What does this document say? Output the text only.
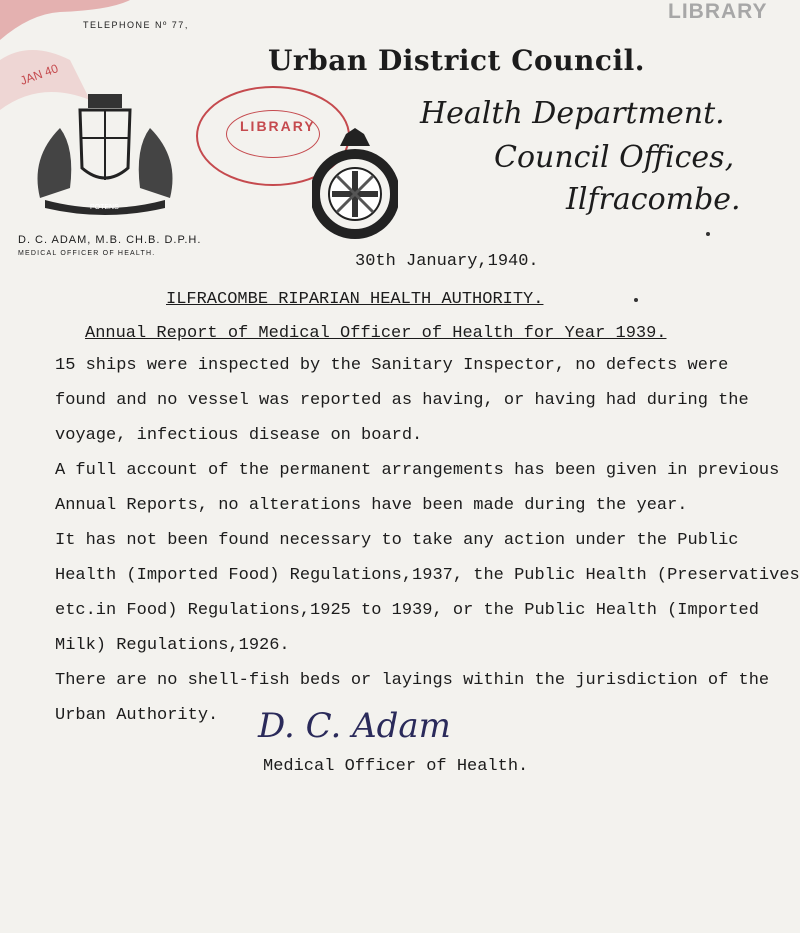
JAN 40
TELEPHONE Nº 77,
LIBRARY
Urban District Council.
POTENS
LIBRARY	Health Department.
Council Offices,
Ilfracombe.
D. C. ADAM, M.B. CH.B. D.P.H.
MEDICAL OFFICER OF HEALTH.	30th January,1940.
ILFRACOMBE RIPARIAN HEALTH AUTHORITY.
Annual Report of Medical Officer of Health for Year 1939.
15 ships were inspected by the Sanitary Inspector, no defects were
found and no vessel was reported as having, or having had during the
voyage, infectious disease on board.
A full account of the permanent arrangements has been given in previous
Annual Reports, no alterations have been made during the year.
It has not been found necessary to take any action under the Public
Health (Imported Food) Regulations,1937, the Public Health (Preservatives
etc.in Food) Regulations,1925 to 1939, or the Public Health (Imported
Milk) Regulations,1926.
There are no shell-fish beds or layings within the jurisdiction of the
Urban Authority. D. C. Adam
Medical Officer of Health.
